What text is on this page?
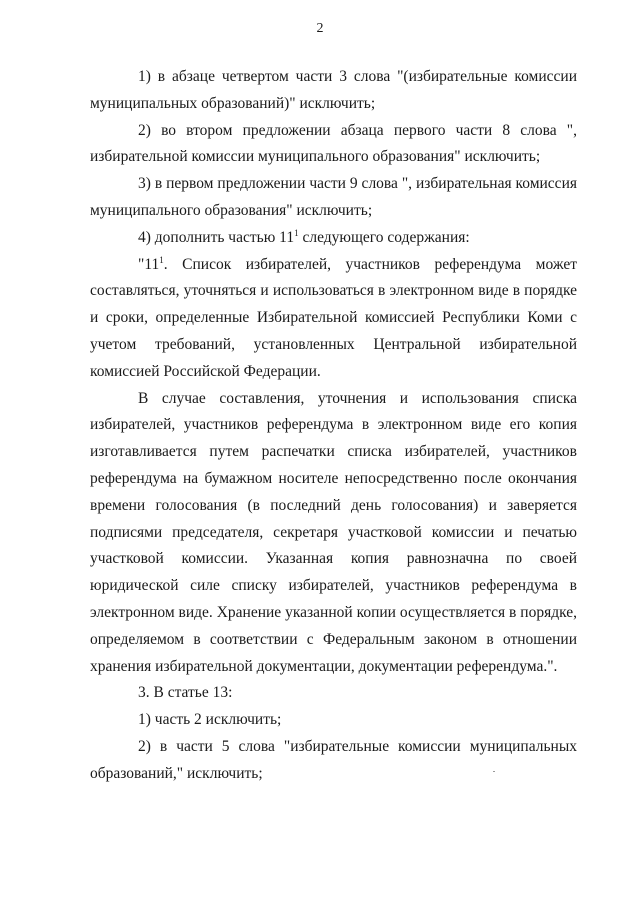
2

1) в абзаце четвертом части 3 слова "(избирательные комиссии муниципальных образований)" исключить;

2) во втором предложении абзаца первого части 8 слова ", избирательной комиссии муниципального образования" исключить;

3) в первом предложении части 9 слова ", избирательная комиссия муниципального образования" исключить;

4) дополнить частью $11^1$ следующего содержания:

"$11^1$. Список избирателей, участников референдума может составляться, уточняться и использоваться в электронном виде в порядке и сроки, определенные Избирательной комиссией Республики Коми с учетом требований, установленных Центральной избирательной комиссией Российской Федерации.

В случае составления, уточнения и использования списка избирателей, участников референдума в электронном виде его копия изготавливается путем распечатки списка избирателей, участников референдума на бумажном носителе непосредственно после окончания времени голосования (в последний день голосования) и заверяется подписями председателя, секретаря участковой комиссии и печатью участковой комиссии. Указанная копия равнозначна по своей юридической силе списку избирателей, участников референдума в электронном виде. Хранение указанной копии осуществляется в порядке, определяемом в соответствии с Федеральным законом в отношении хранения избирательной документации, документации референдума.".

3. В статье 13:

1) часть 2 исключить;

2) в части 5 слова "избирательные комиссии муниципальных образований," исключить;
